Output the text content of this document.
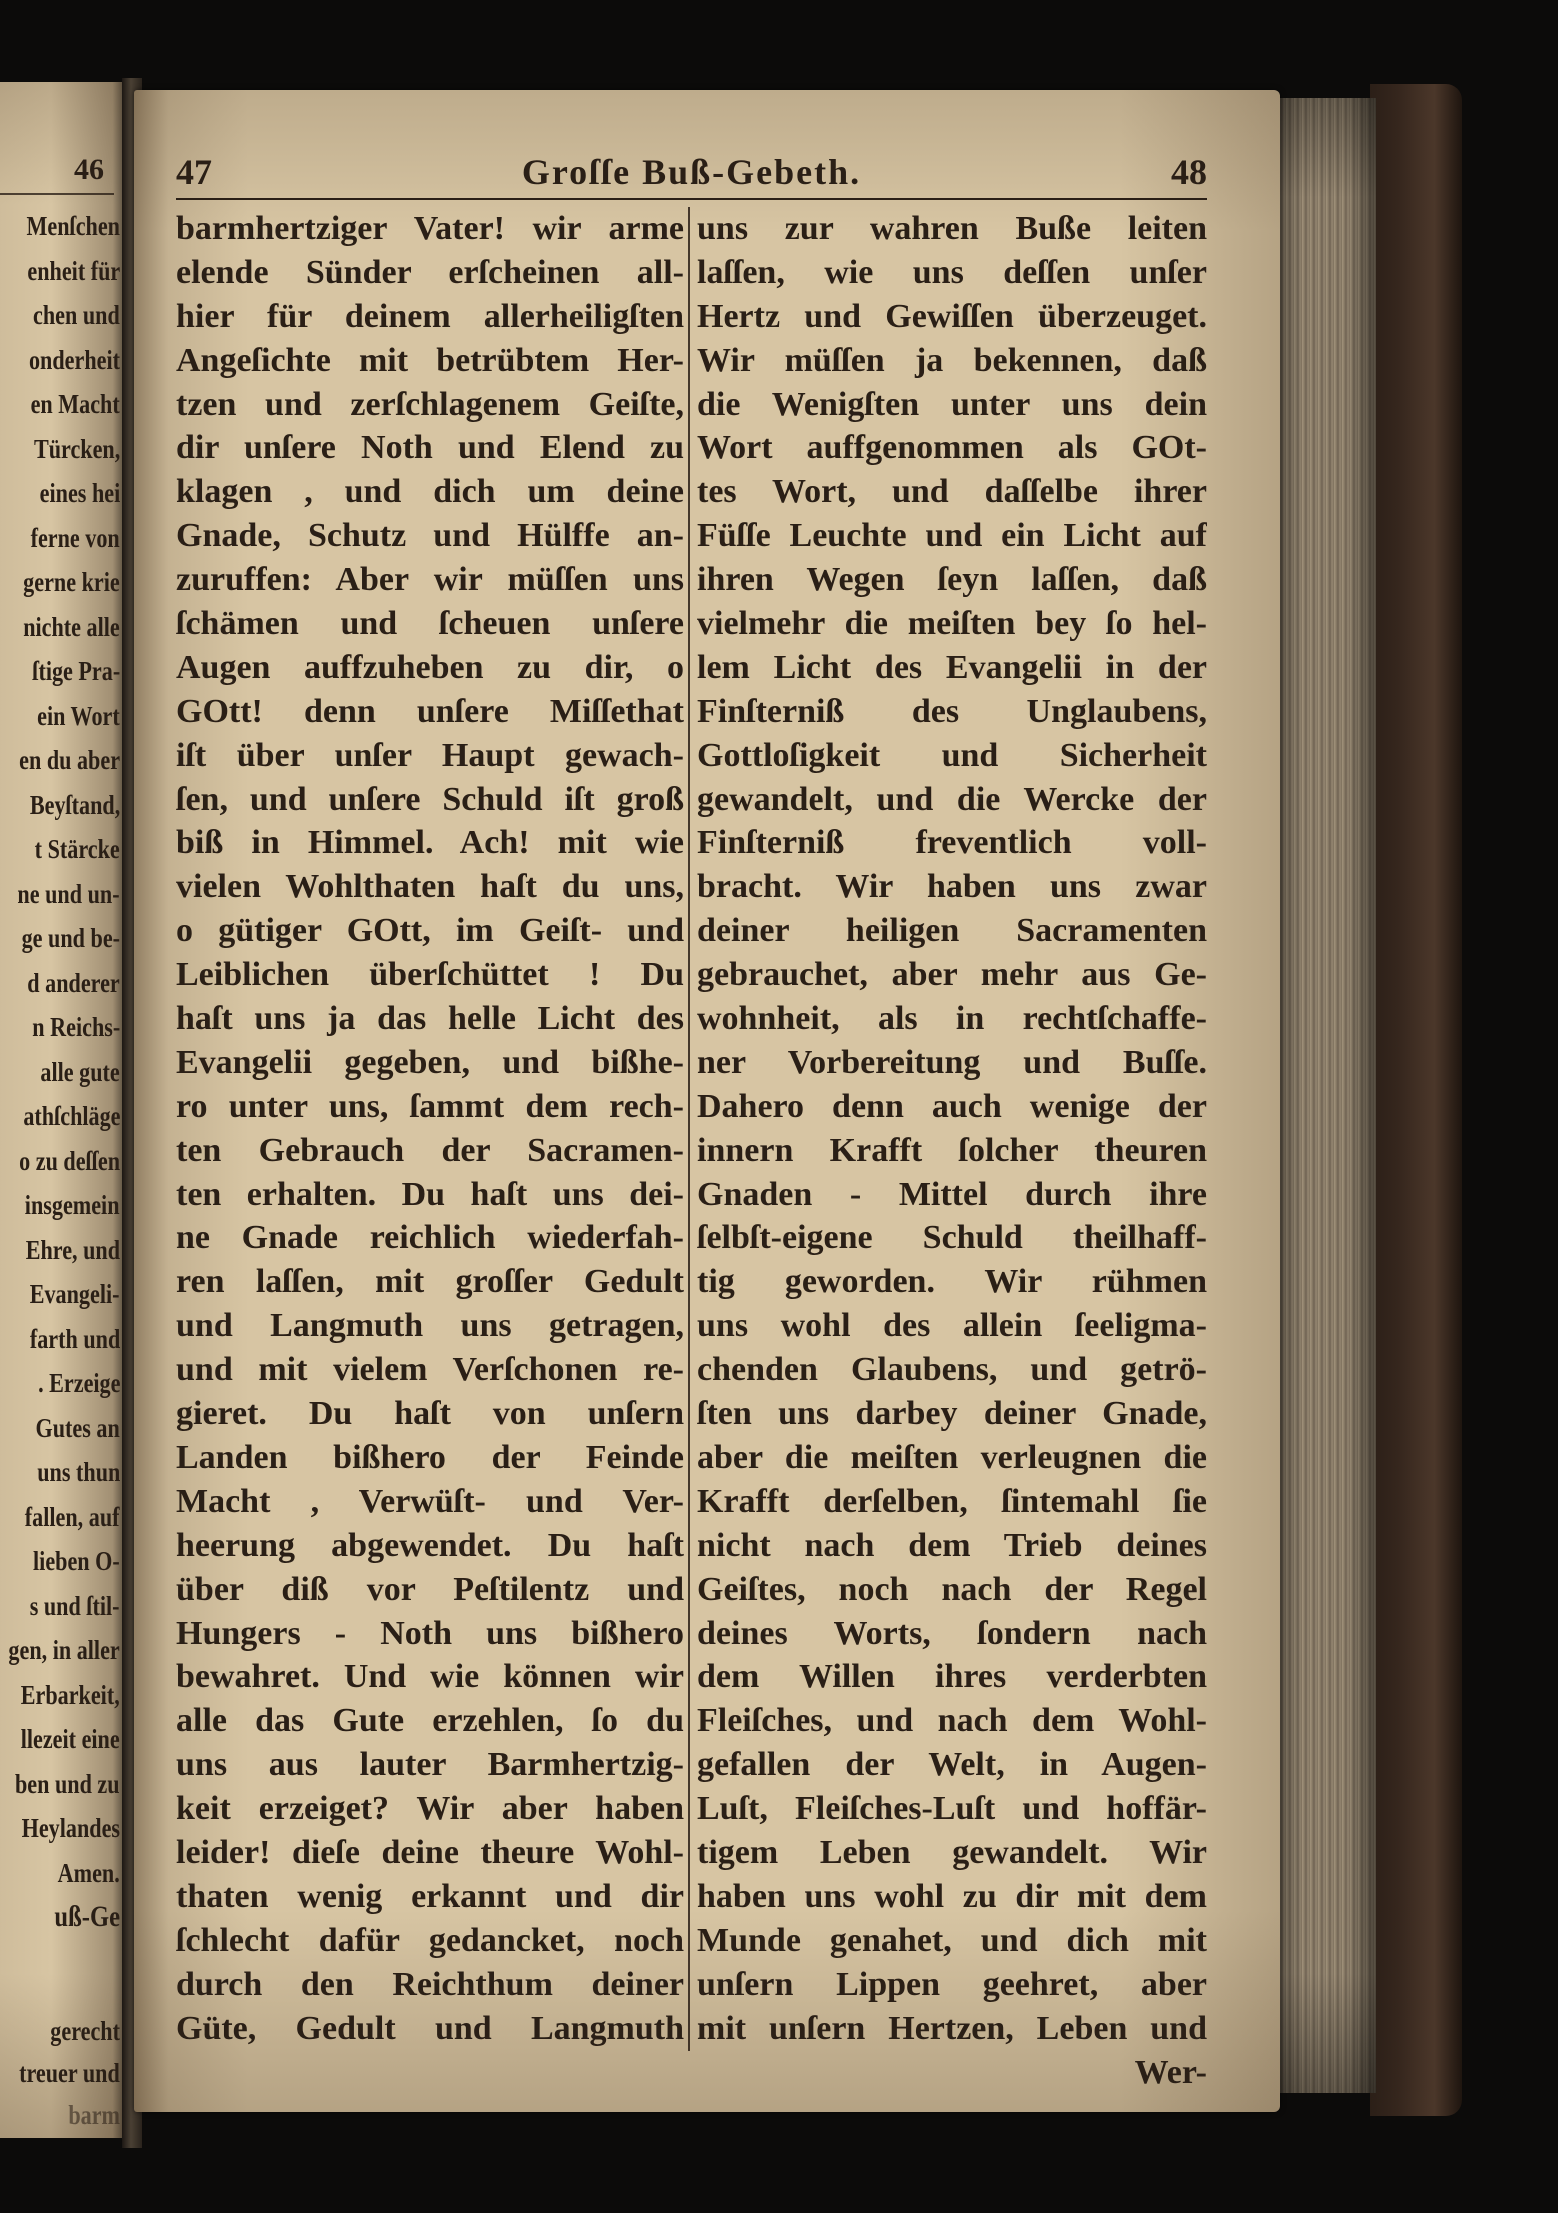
46
Menſchen
enheit für
chen und
onderheit
en Macht
Türcken,
eines hei
ferne von
gerne krie
nichte alle
ſtige Pra-
ein Wort
en du aber
Beyſtand,
t Stärcke
ne und un-
ge und be-
d anderer
n Reichs-
alle gute
athſchläge
o zu deſſen
insgemein
Ehre, und
Evangeli-
farth und
. Erzeige
Gutes an
uns thun
fallen, auf
lieben O-
s und ſtil-
gen, in aller
Erbarkeit,
llezeit eine
ben und zu
Heylandes
Amen.
uß-Ge
gerecht
treuer und
barm
47	Groſſe Buß-Gebeth.	48
barmhertziger Vater! wir arme
elende Sünder erſcheinen all-
hier für deinem allerheiligſten
Angeſichte mit betrübtem Her-
tzen und zerſchlagenem Geiſte,
dir unſere Noth und Elend zu
klagen , und dich um deine
Gnade, Schutz und Hülffe an-
zuruffen: Aber wir müſſen uns
ſchämen und ſcheuen unſere
Augen auffzuheben zu dir, o
GOtt! denn unſere Miſſethat
iſt über unſer Haupt gewach-
ſen, und unſere Schuld iſt groß
biß in Himmel. Ach! mit wie
vielen Wohlthaten haſt du uns,
o gütiger GOtt, im Geiſt- und
Leiblichen überſchüttet ! Du
haſt uns ja das helle Licht des
Evangelii gegeben, und bißhe-
ro unter uns, ſammt dem rech-
ten Gebrauch der Sacramen-
ten erhalten. Du haſt uns dei-
ne Gnade reichlich wiederfah-
ren laſſen, mit groſſer Gedult
und Langmuth uns getragen,
und mit vielem Verſchonen re-
gieret. Du haſt von unſern
Landen bißhero der Feinde
Macht , Verwüſt- und Ver-
heerung abgewendet. Du haſt
über diß vor Peſtilentz und
Hungers - Noth uns bißhero
bewahret. Und wie können wir
alle das Gute erzehlen, ſo du
uns aus lauter Barmhertzig-
keit erzeiget? Wir aber haben
leider! dieſe deine theure Wohl-
thaten wenig erkannt und dir
ſchlecht dafür gedancket, noch
durch den Reichthum deiner
Güte, Gedult und Langmuth
uns zur wahren Buße leiten
laſſen, wie uns deſſen unſer
Hertz und Gewiſſen überzeuget.
Wir müſſen ja bekennen, daß
die Wenigſten unter uns dein
Wort auffgenommen als GOt-
tes Wort, und daſſelbe ihrer
Füſſe Leuchte und ein Licht auf
ihren Wegen ſeyn laſſen, daß
vielmehr die meiſten bey ſo hel-
lem Licht des Evangelii in der
Finſterniß des Unglaubens,
Gottloſigkeit und Sicherheit
gewandelt, und die Wercke der
Finſterniß freventlich voll-
bracht. Wir haben uns zwar
deiner heiligen Sacramenten
gebrauchet, aber mehr aus Ge-
wohnheit, als in rechtſchaffe-
ner Vorbereitung und Buſſe.
Dahero denn auch wenige der
innern Krafft ſolcher theuren
Gnaden - Mittel durch ihre
ſelbſt-eigene Schuld theilhaff-
tig geworden. Wir rühmen
uns wohl des allein ſeeligma-
chenden Glaubens, und getrö-
ſten uns darbey deiner Gnade,
aber die meiſten verleugnen die
Krafft derſelben, ſintemahl ſie
nicht nach dem Trieb deines
Geiſtes, noch nach der Regel
deines Worts, ſondern nach
dem Willen ihres verderbten
Fleiſches, und nach dem Wohl-
gefallen der Welt, in Augen-
Luſt, Fleiſches-Luſt und hoffär-
tigem Leben gewandelt. Wir
haben uns wohl zu dir mit dem
Munde genahet, und dich mit
unſern Lippen geehret, aber
mit unſern Hertzen, Leben und
Wer-
